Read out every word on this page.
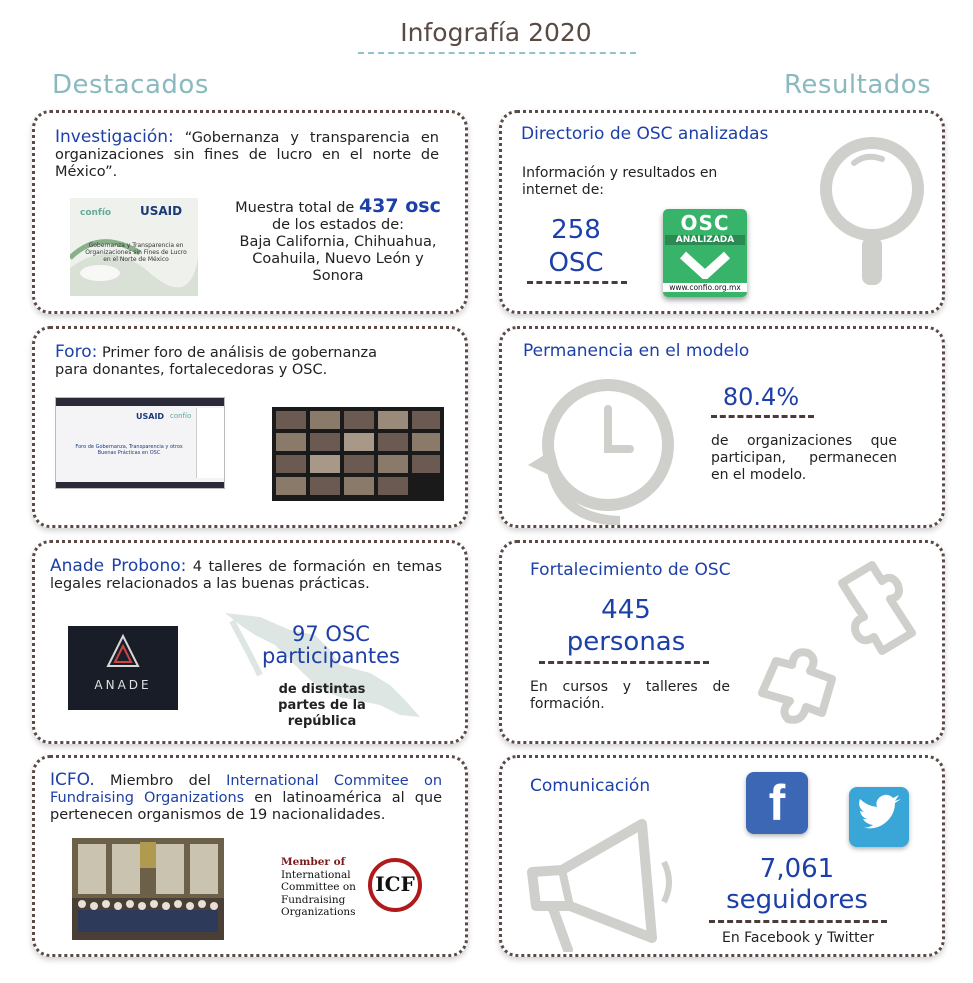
Infografía 2020
Destacados	Resultados
Investigación: “Gobernanza y transparencia en organizaciones sin fines de lucro en el norte de México”.
confío USAID
Gobernanza y Transparencia en Organizaciones sin Fines de Lucro en el Norte de México
Muestra total de 437 osc
de los estados de:
Baja California, Chihuahua, Coahuila, Nuevo León y Sonora
Foro: Primer foro de análisis de gobernanza para donantes, fortalecedoras y OSC.
USAID confío
Foro de Gobernanza, Transparencia y otros Buenas Prácticas en OSC
Anade Probono: 4 talleres de formación en temas legales relacionados a las buenas prácticas.
ANADE
97 OSC
participantes
de distintas partes de la república
ICFO. Miembro del International Commitee on Fundraising Organizations en latinoamérica al que pertenecen organismos de 19 nacionalidades.
Member of
International
Committee on
Fundraising
Organizations
ICF
Directorio de OSC analizadas
Información y resultados en internet de:
258
OSC
OSC
ANALIZADA
www.confio.org.mx
Permanencia en el modelo
80.4%
de organizaciones que participan, permanecen en el modelo.
Fortalecimiento de OSC
445
personas
En cursos y talleres de formación.
Comunicación	f
7,061
seguidores
En Facebook y Twitter
